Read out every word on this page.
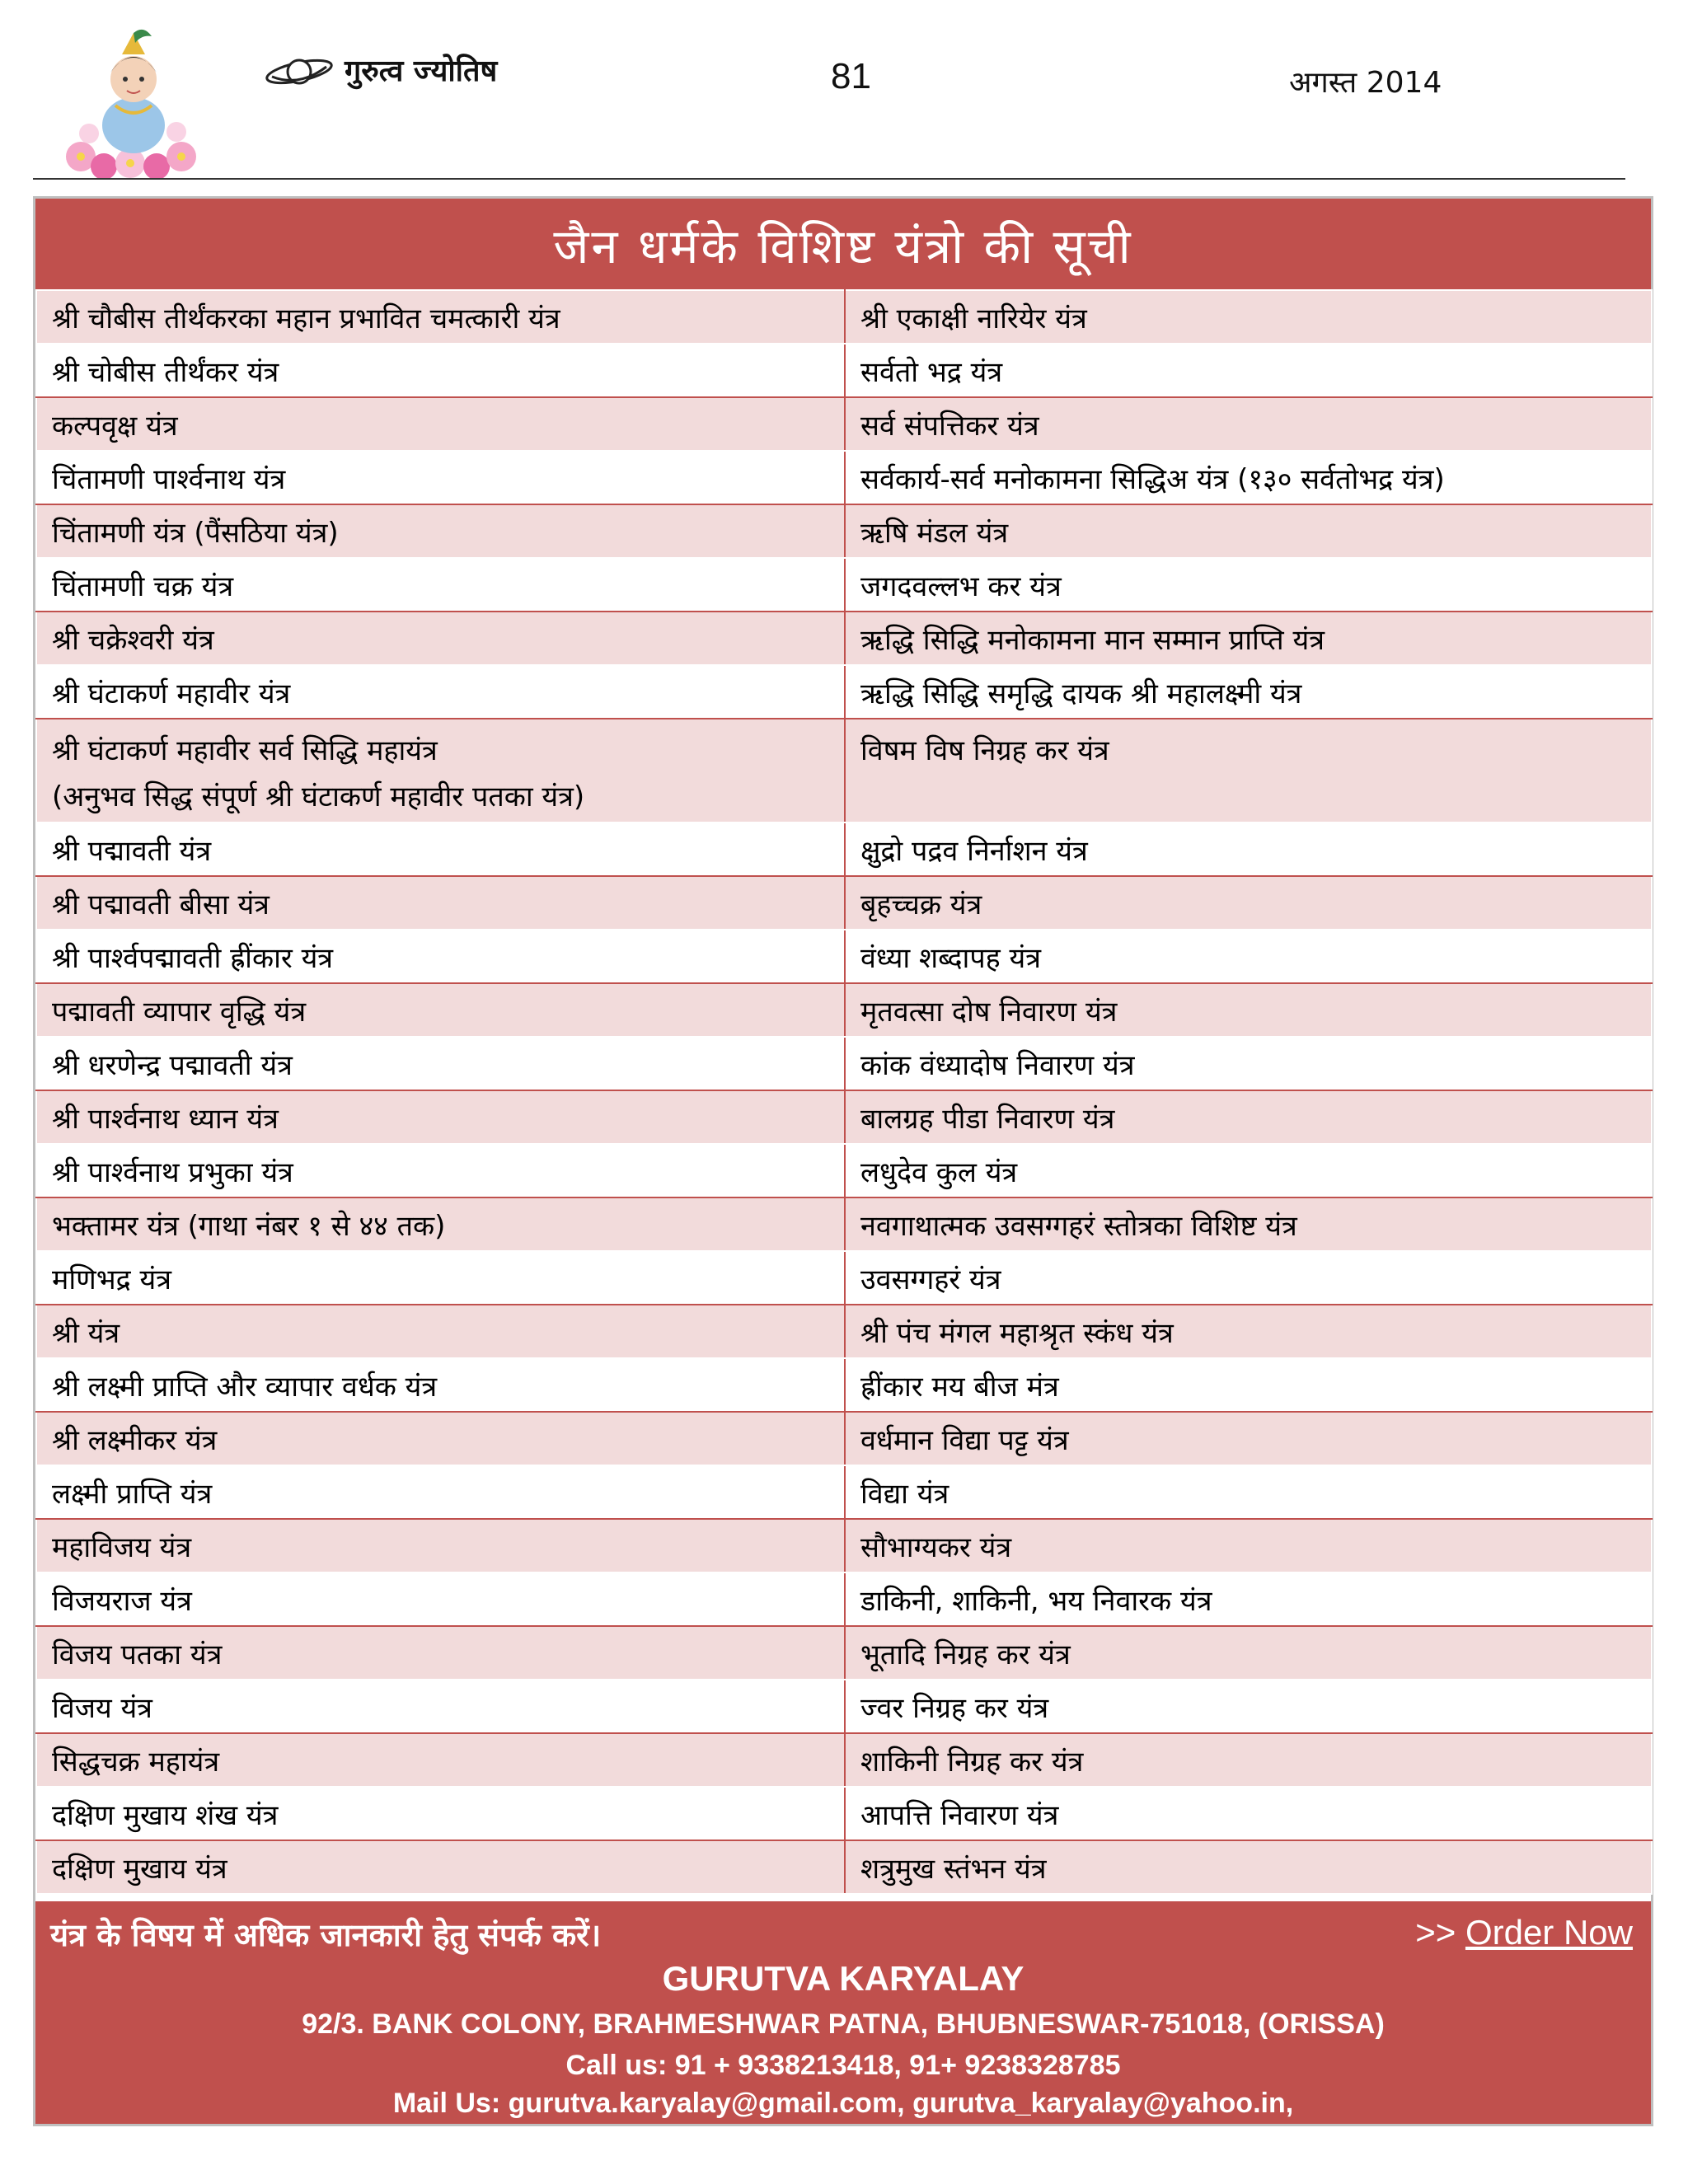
गुरुत्व ज्योतिष	81	अगस्त 2014
जैन धर्मके विशिष्ट यंत्रो की सूची
श्री चौबीस तीर्थंकरका महान प्रभावित चमत्कारी यंत्र	श्री एकाक्षी नारियेर यंत्र

श्री चोबीस तीर्थंकर यंत्र	सर्वतो भद्र यंत्र

कल्पवृक्ष यंत्र	सर्व संपत्तिकर यंत्र

चिंतामणी पार्श्वनाथ यंत्र	सर्वकार्य-सर्व मनोकामना सिद्धिअ यंत्र (१३० सर्वतोभद्र यंत्र)

चिंतामणी यंत्र (पैंसठिया यंत्र)	ऋषि मंडल यंत्र

चिंतामणी चक्र यंत्र	जगदवल्लभ कर यंत्र

श्री चक्रेश्वरी यंत्र	ऋद्धि सिद्धि मनोकामना मान सम्मान प्राप्ति यंत्र

श्री घंटाकर्ण महावीर यंत्र	ऋद्धि सिद्धि समृद्धि दायक श्री महालक्ष्मी यंत्र

श्री घंटाकर्ण महावीर सर्व सिद्धि महायंत्र
(अनुभव सिद्ध संपूर्ण श्री घंटाकर्ण महावीर पतका यंत्र)	विषम विष निग्रह कर यंत्र

श्री पद्मावती यंत्र	क्षुद्रो पद्रव निर्नाशन यंत्र

श्री पद्मावती बीसा यंत्र	बृहच्चक्र यंत्र

श्री पार्श्वपद्मावती ह्रींकार यंत्र	वंध्या शब्दापह यंत्र

पद्मावती व्यापार वृद्धि यंत्र	मृतवत्सा दोष निवारण यंत्र

श्री धरणेन्द्र पद्मावती यंत्र	कांक वंध्यादोष निवारण यंत्र

श्री पार्श्वनाथ ध्यान यंत्र	बालग्रह पीडा निवारण यंत्र

श्री पार्श्वनाथ प्रभुका यंत्र	लधुदेव कुल यंत्र

भक्तामर यंत्र (गाथा नंबर १ से ४४ तक)	नवगाथात्मक उवसग्गहरं स्तोत्रका विशिष्ट यंत्र

मणिभद्र यंत्र	उवसग्गहरं यंत्र

श्री यंत्र	श्री पंच मंगल महाश्रृत स्कंध यंत्र

श्री लक्ष्मी प्राप्ति और व्यापार वर्धक यंत्र	ह्रींकार मय बीज मंत्र

श्री लक्ष्मीकर यंत्र	वर्धमान विद्या पट्ट यंत्र

लक्ष्मी प्राप्ति यंत्र	विद्या यंत्र

महाविजय यंत्र	सौभाग्यकर यंत्र

विजयराज यंत्र	डाकिनी, शाकिनी, भय निवारक यंत्र

विजय पतका यंत्र	भूतादि निग्रह कर यंत्र

विजय यंत्र	ज्वर निग्रह कर यंत्र

सिद्धचक्र महायंत्र	शाकिनी निग्रह कर यंत्र

दक्षिण मुखाय शंख यंत्र	आपत्ति निवारण यंत्र

दक्षिण मुखाय यंत्र	शत्रुमुख स्तंभन यंत्र
यंत्र के विषय में अधिक जानकारी हेतु संपर्क करें।	>> Order Now
GURUTVA KARYALAY
92/3. BANK COLONY, BRAHMESHWAR PATNA, BHUBNESWAR-751018, (ORISSA)
Call us: 91 + 9338213418, 91+ 9238328785
Mail Us: gurutva.karyalay@gmail.com, gurutva_karyalay@yahoo.in,
